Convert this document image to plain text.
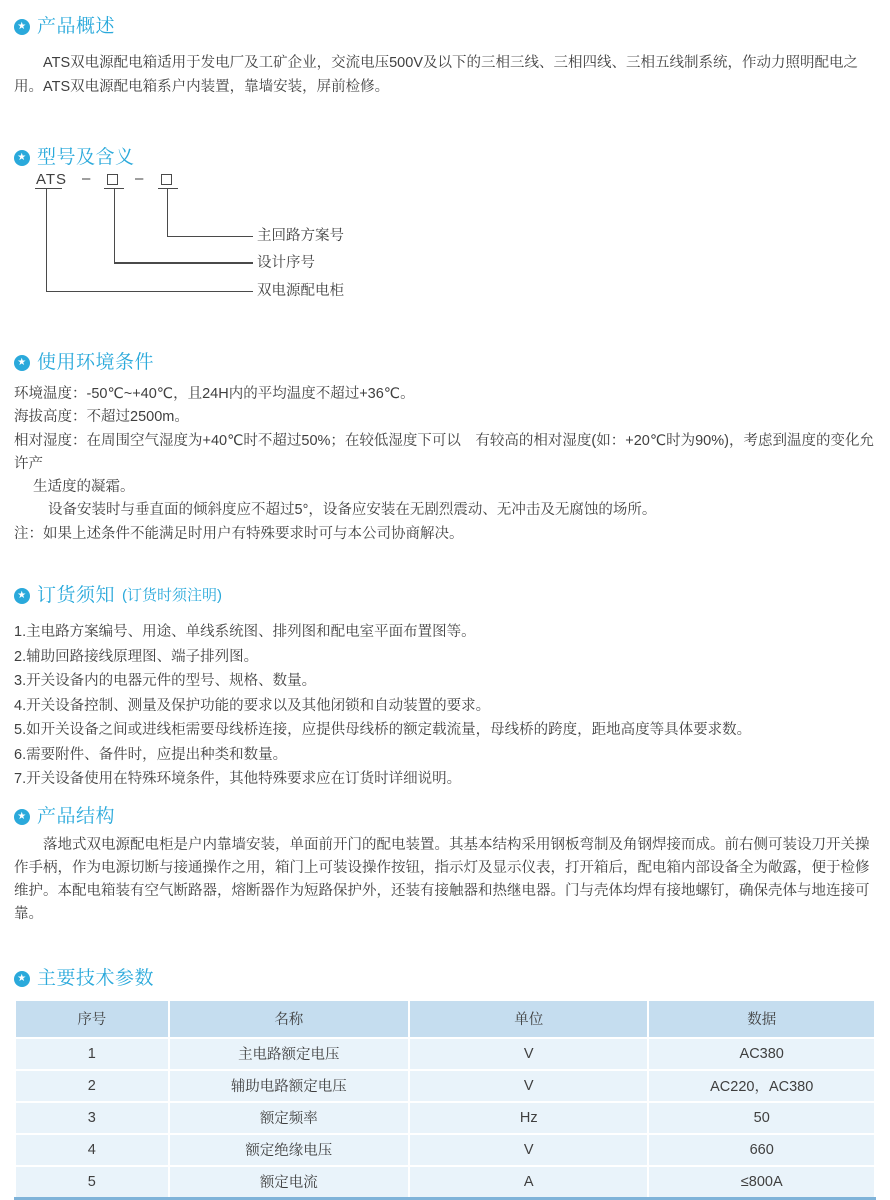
★ 产品概述

ATS双电源配电箱适用于发电厂及工矿企业，交流电压500V及以下的三相三线、三相四线、三相五线制系统，作动力照明配电之用。ATS双电源配电箱系户内装置，靠墙安装，屏前检修。

★ 型号及含义
ATS –	–
主回路方案号
设计序号
双电源配电柜
★ 使用环境条件
环境温度：-50℃~+40℃，且24H内的平均温度不超过+36℃。
海拔高度：不超过2500m。
相对湿度：在周围空气湿度为+40℃时不超过50%；在较低湿度下可以　有较高的相对湿度(如：+20℃时为90%)，考虑到温度的变化允许产
生适度的凝霜。
设备安装时与垂直面的倾斜度应不超过5°，设备应安装在无剧烈震动、无冲击及无腐蚀的场所。
注：如果上述条件不能满足时用户有特殊要求时可与本公司协商解决。
★ 订货须知 (订货时须注明)
1.主电路方案编号、用途、单线系统图、排列图和配电室平面布置图等。
2.辅助回路接线原理图、端子排列图。
3.开关设备内的电器元件的型号、规格、数量。
4.开关设备控制、测量及保护功能的要求以及其他闭锁和自动装置的要求。
5.如开关设备之间或进线柜需要母线桥连接，应提供母线桥的额定载流量，母线桥的跨度，距地高度等具体要求数。
6.需要附件、备件时，应提出种类和数量。
7.开关设备使用在特殊环境条件，其他特殊要求应在订货时详细说明。
★ 产品结构

落地式双电源配电柜是户内靠墙安装，单面前开门的配电装置。其基本结构采用钢板弯制及角钢焊接而成。前右侧可装设刀开关操作手柄，作为电源切断与接通操作之用，箱门上可装设操作按钮，指示灯及显示仪表，打开箱后，配电箱内部设备全为敞露，便于检修维护。本配电箱装有空气断路器，熔断器作为短路保护外，还装有接触器和热继电器。门与壳体均焊有接地螺钉，确保壳体与地连接可靠。

★ 主要技术参数
序号	名称	单位	数据
1	主电路额定电压	V	AC380
2	辅助电路额定电压	V	AC220，AC380
3	额定频率	Hz	50
4	额定绝缘电压	V	660
5	额定电流	A	≤800A
